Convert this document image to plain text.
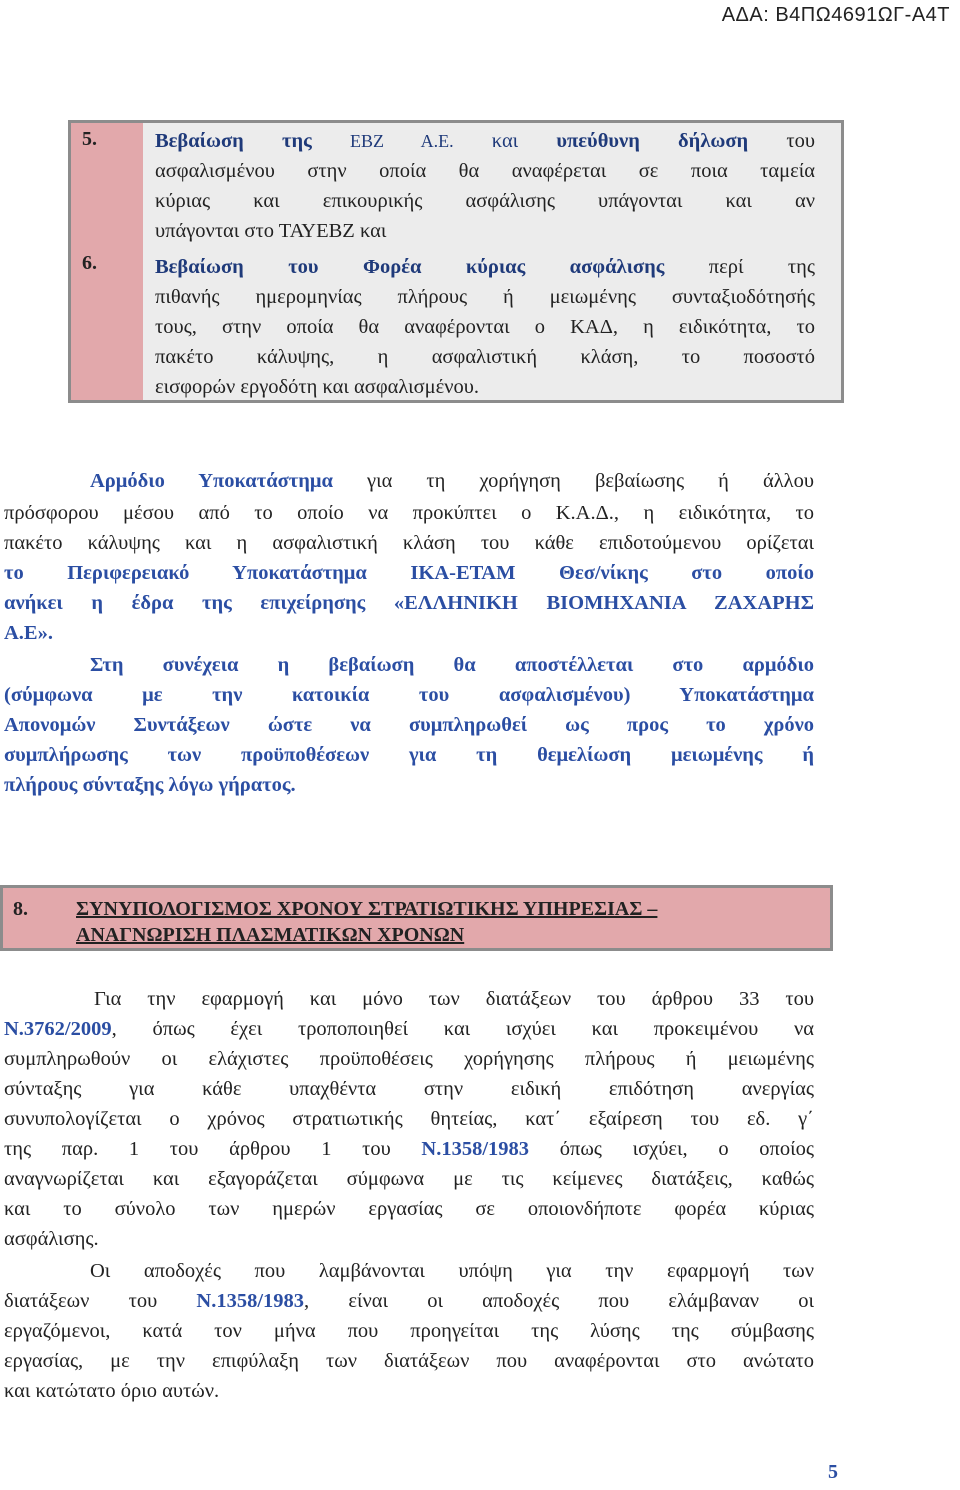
ΑΔΑ: Β4ΠΩ4691ΩΓ-Α4Τ
5.
6.
Βεβαίωση της ΕΒΖ Α.Ε. και υπεύθυνη δήλωση του
ασφαλισμένου στην οποία θα αναφέρεται σε ποια ταμεία
κύριας και επικουρικής ασφάλισης υπάγονται και αν
υπάγονται στο ΤΑΥΕΒΖ και
Βεβαίωση του Φορέα κύριας ασφάλισης περί της
πιθανής ημερομηνίας πλήρους ή μειωμένης συνταξιοδότησής
τους, στην οποία θα αναφέρονται ο ΚΑΔ, η ειδικότητα, το
πακέτο κάλυψης, η ασφαλιστική κλάση, το ποσοστό
εισφορών εργοδότη και ασφαλισμένου.
Αρμόδιο Υποκατάστημα για τη χορήγηση βεβαίωσης ή άλλου
πρόσφορου μέσου από το οποίο να προκύπτει ο Κ.Α.Δ., η ειδικότητα, το
πακέτο κάλυψης και η ασφαλιστική κλάση του κάθε επιδοτούμενου ορίζεται
το Περιφερειακό Υποκατάστημα ΙΚΑ-ΕΤΑΜ Θεσ/νίκης στο οποίο
ανήκει η έδρα της επιχείρησης «ΕΛΛΗΝΙΚΗ ΒΙΟΜΗΧΑΝΙΑ ΖΑΧΑΡΗΣ
Α.Ε».
Στη συνέχεια η βεβαίωση θα αποστέλλεται στο αρμόδιο
(σύμφωνα με την κατοικία του ασφαλισμένου) Υποκατάστημα
Απονομών Συντάξεων ώστε να συμπληρωθεί ως προς το χρόνο
συμπλήρωσης των προϋποθέσεων για τη θεμελίωση μειωμένης ή
πλήρους σύνταξης λόγω γήρατος.
8. ΣΥΝΥΠΟΛΟΓΙΣΜΟΣ ΧΡΟΝΟΥ ΣΤΡΑΤΙΩΤΙΚΗΣ ΥΠΗΡΕΣΙΑΣ –
ΑΝΑΓΝΩΡΙΣΗ ΠΛΑΣΜΑΤΙΚΩΝ ΧΡΟΝΩΝ
Για την εφαρμογή και μόνο των διατάξεων του άρθρου 33 του
Ν.3762/2009, όπως έχει τροποποιηθεί και ισχύει και προκειμένου να
συμπληρωθούν οι ελάχιστες προϋποθέσεις χορήγησης πλήρους ή μειωμένης
σύνταξης για κάθε υπαχθέντα στην ειδική επιδότηση ανεργίας
συνυπολογίζεται ο χρόνος στρατιωτικής θητείας, κατ΄ εξαίρεση του εδ. γ΄
της παρ. 1 του άρθρου 1 του Ν.1358/1983 όπως ισχύει, ο οποίος
αναγνωρίζεται και εξαγοράζεται σύμφωνα με τις κείμενες διατάξεις, καθώς
και το σύνολο των ημερών εργασίας σε οποιονδήποτε φορέα κύριας
ασφάλισης.
Οι αποδοχές που λαμβάνονται υπόψη για την εφαρμογή των
διατάξεων του Ν.1358/1983, είναι οι αποδοχές που ελάμβαναν οι
εργαζόμενοι, κατά τον μήνα που προηγείται της λύσης της σύμβασης
εργασίας, με την επιφύλαξη των διατάξεων που αναφέρονται στο ανώτατο
και κατώτατο όριο αυτών.
5
